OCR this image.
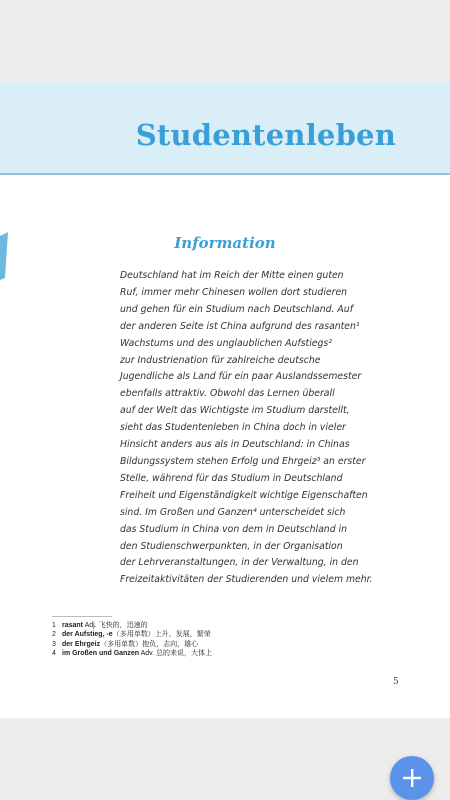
Studentenleben
Information
Deutschland hat im Reich der Mitte einen guten
Ruf, immer mehr Chinesen wollen dort studieren
und gehen für ein Studium nach Deutschland. Auf
der anderen Seite ist China aufgrund des rasanten¹
Wachstums und des unglaublichen Aufstiegs²
zur Industrienation für zahlreiche deutsche
Jugendliche als Land für ein paar Auslandssemester
ebenfalls attraktiv. Obwohl das Lernen überall
auf der Welt das Wichtigste im Studium darstellt,
sieht das Studentenleben in China doch in vieler
Hinsicht anders aus als in Deutschland: in Chinas
Bildungssystem stehen Erfolg und Ehrgeiz³ an erster
Stelle, während für das Studium in Deutschland
Freiheit und Eigenständigkeit wichtige Eigenschaften
sind. Im Großen und Ganzen⁴ unterscheidet sich
das Studium in China von dem in Deutschland in
den Studienschwerpunkten, in der Organisation
der Lehrveranstaltungen, in der Verwaltung, in den
Freizeitaktivitäten der Studierenden und vielem mehr.
1 rasant Adj. 飞快的，迅速的
2 der Aufstieg, -e（多用单数）上升，发展，繁荣
3 der Ehrgeiz（多用单数）抱负，志向，雄心
4 im Großen und Ganzen Adv. 总的来说，大体上
5
